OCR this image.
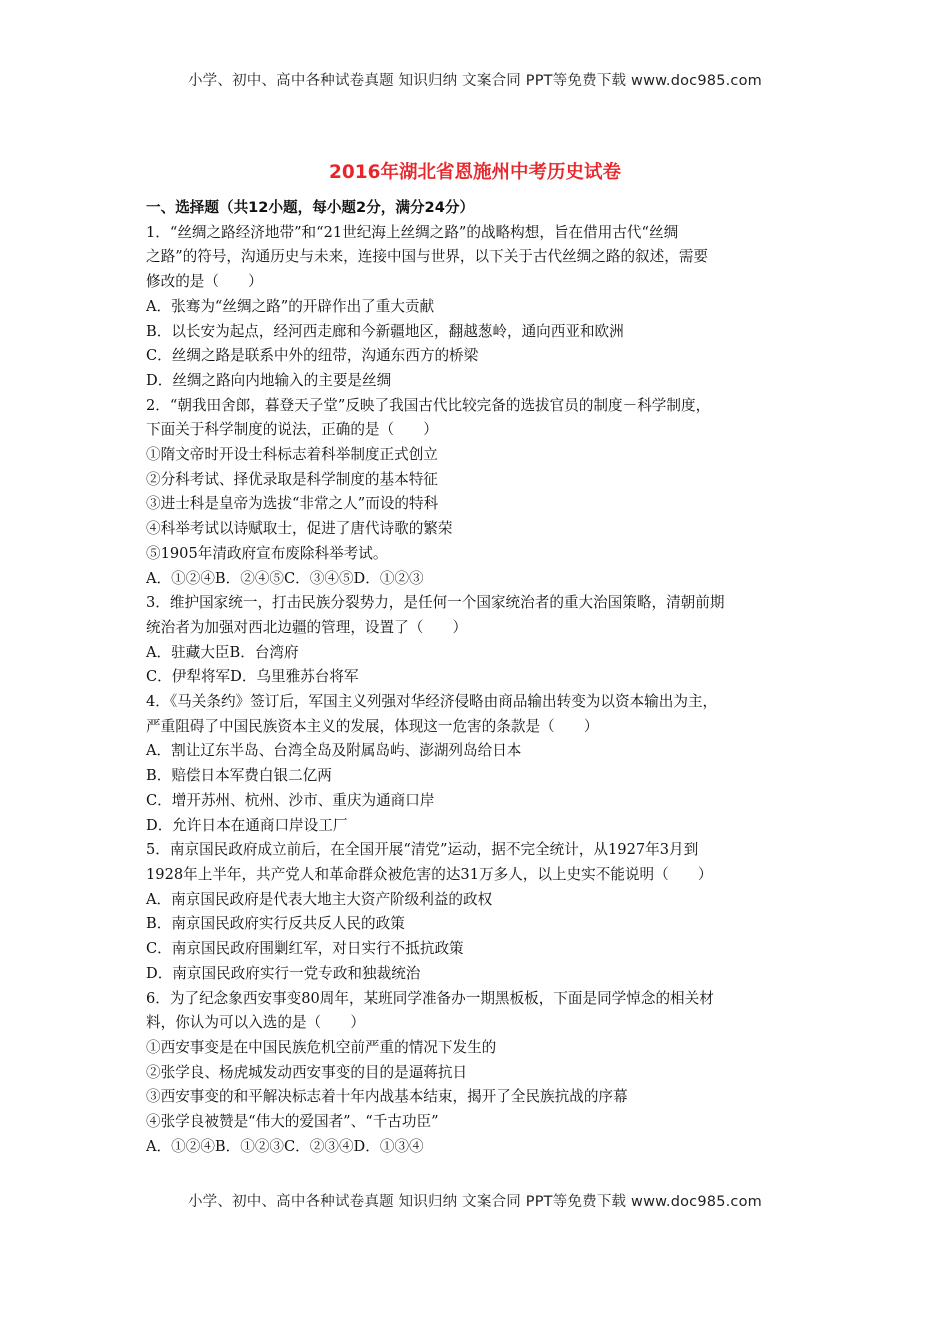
小学、初中、高中各种试卷真题 知识归纳 文案合同 PPT等免费下载 www.doc985.com
2016年湖北省恩施州中考历史试卷
一、选择题（共12小题，每小题2分，满分24分）
1．“丝绸之路经济地带”和“21世纪海上丝绸之路”的战略构想，旨在借用古代“丝绸
之路”的符号，沟通历史与未来，连接中国与世界，以下关于古代丝绸之路的叙述，需要
修改的是（　　）
A．张骞为“丝绸之路”的开辟作出了重大贡献
B．以长安为起点，经河西走廊和今新疆地区，翻越葱岭，通向西亚和欧洲
C．丝绸之路是联系中外的纽带，沟通东西方的桥梁
D．丝绸之路向内地输入的主要是丝绸
2．“朝我田舍郎，暮登天子堂”反映了我国古代比较完备的选拔官员的制度－科学制度，
下面关于科学制度的说法，正确的是（　　）
①隋文帝时开设士科标志着科举制度正式创立
②分科考试、择优录取是科学制度的基本特征
③进士科是皇帝为选拔“非常之人”而设的特科
④科举考试以诗赋取士，促进了唐代诗歌的繁荣
⑤1905年清政府宣布废除科举考试。
A．①②④B．②④⑤C．③④⑤D．①②③
3．维护国家统一，打击民族分裂势力，是任何一个国家统治者的重大治国策略，清朝前期
统治者为加强对西北边疆的管理，设置了（　　）
A．驻藏大臣B．台湾府
C．伊犁将军D．乌里雅苏台将军
4．《马关条约》签订后，军国主义列强对华经济侵略由商品输出转变为以资本输出为主，
严重阻碍了中国民族资本主义的发展，体现这一危害的条款是（　　）
A．割让辽东半岛、台湾全岛及附属岛屿、澎湖列岛给日本
B．赔偿日本军费白银二亿两
C．增开苏州、杭州、沙市、重庆为通商口岸
D．允许日本在通商口岸设工厂
5．南京国民政府成立前后，在全国开展“清党”运动，据不完全统计，从1927年3月到
1928年上半年，共产党人和革命群众被危害的达31万多人，以上史实不能说明（　　）
A．南京国民政府是代表大地主大资产阶级利益的政权
B．南京国民政府实行反共反人民的政策
C．南京国民政府围剿红军，对日实行不抵抗政策
D．南京国民政府实行一党专政和独裁统治
6．为了纪念象西安事变80周年，某班同学准备办一期黑板板，下面是同学悼念的相关材
料，你认为可以入选的是（　　）
①西安事变是在中国民族危机空前严重的情况下发生的
②张学良、杨虎城发动西安事变的目的是逼蒋抗日
③西安事变的和平解决标志着十年内战基本结束，揭开了全民族抗战的序幕
④张学良被赞是“伟大的爱国者”、“千古功臣”
A．①②④B．①②③C．②③④D．①③④
小学、初中、高中各种试卷真题 知识归纳 文案合同 PPT等免费下载 www.doc985.com
